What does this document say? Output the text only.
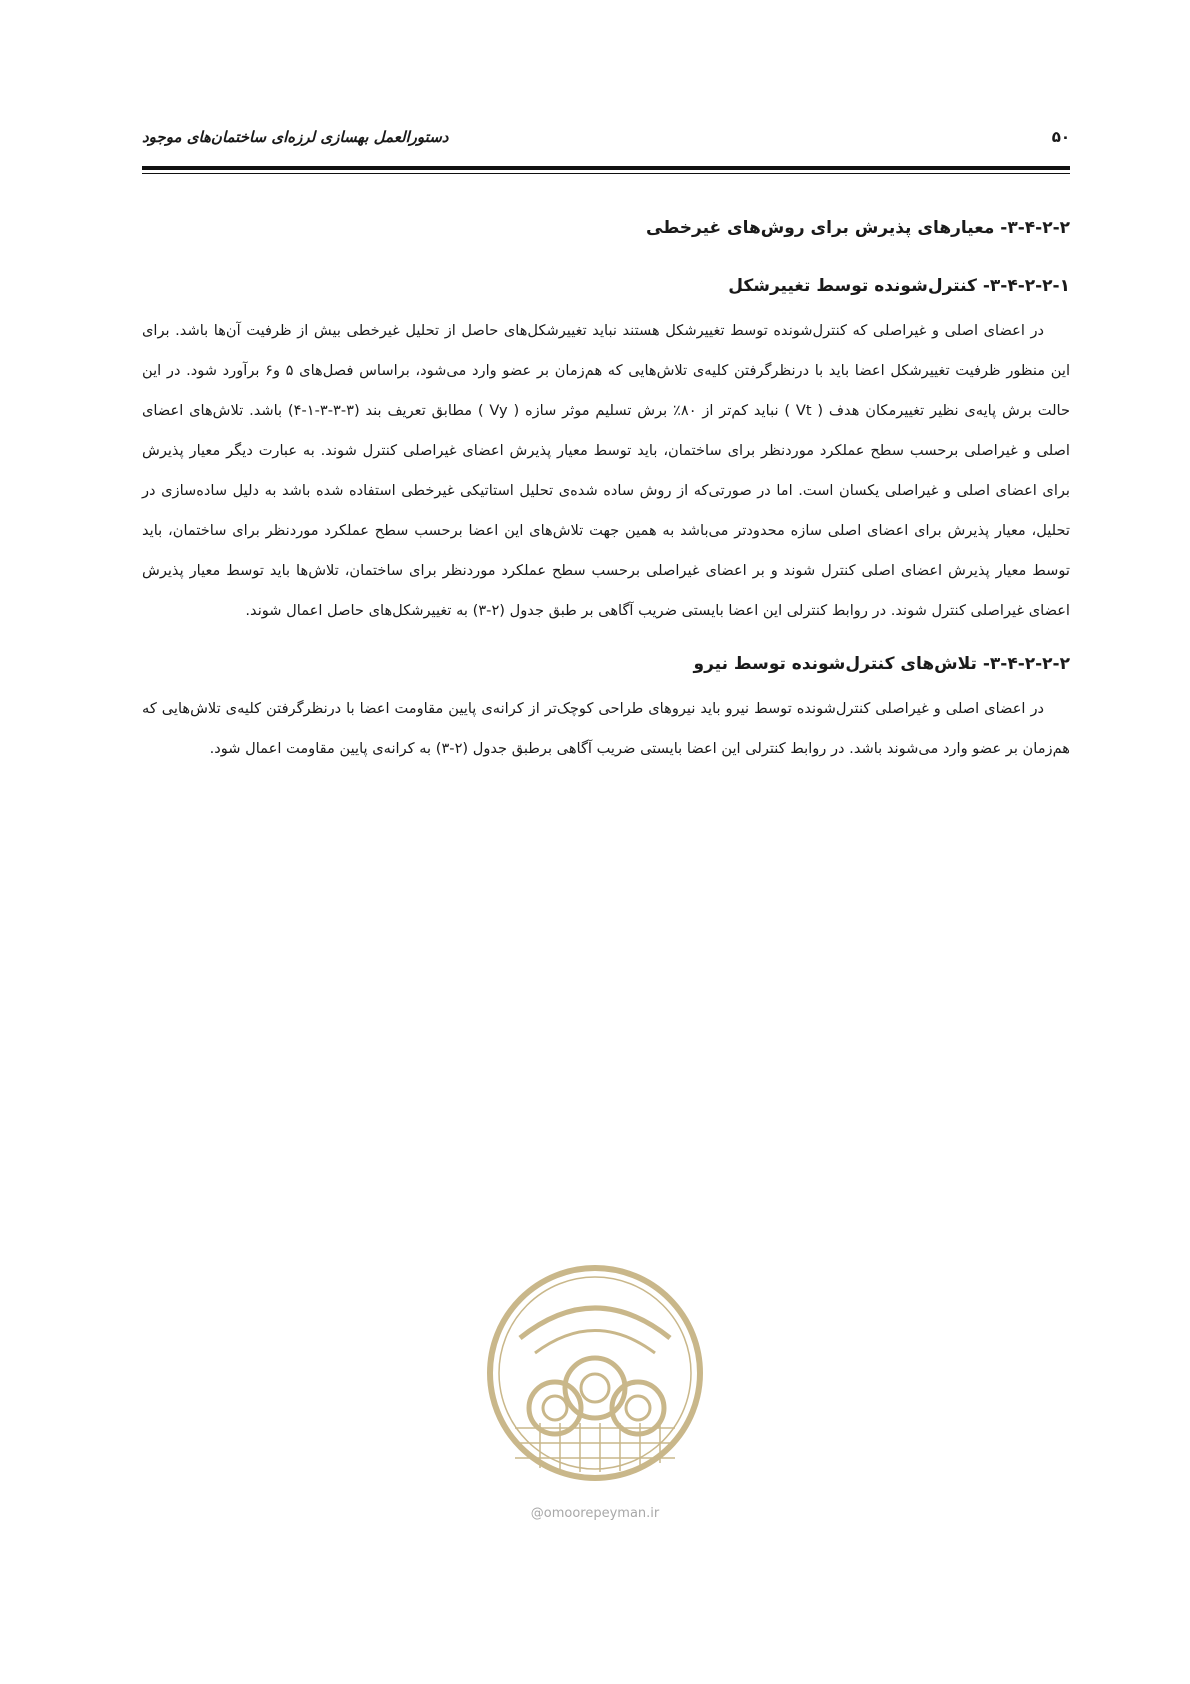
دستورالعمل بهسازی لرزه‌ای ساختمان‌های موجود	۵۰
۳-۴-۲-۲- معیارهای پذیرش برای روش‌های غیرخطی
۳-۴-۲-۲-۱- کنترل‌شونده توسط تغییرشکل

در اعضای اصلی و غیراصلی که کنترل‌شونده توسط تغییرشکل هستند نباید تغییرشکل‌های حاصل از تحلیل غیرخطی بیش از ظرفیت آن‌ها باشد. برای این منظور ظرفیت تغییرشکل اعضا باید با درنظرگرفتن کلیه‌ی تلاش‌هایی که هم‌زمان بر عضو وارد می‌شود، براساس فصل‌های ۵ و۶ برآورد شود. در این حالت برش پایه‌ی نظیر تغییرمکان هدف ( Vt ) نباید کم‌تر از ۸۰٪ برش تسلیم موثر سازه ( Vy ) مطابق تعریف بند (۳-۳-۳-۱-۴) باشد. تلاش‌های اعضای اصلی و غیراصلی برحسب سطح عملکرد موردنظر برای ساختمان، باید توسط معیار پذیرش اعضای غیراصلی کنترل شوند. به عبارت دیگر معیار پذیرش برای اعضای اصلی و غیراصلی یکسان است. اما در صورتی‌که از روش ساده شده‌ی تحلیل استاتیکی غیرخطی استفاده شده باشد به دلیل ساده‌سازی در تحلیل، معیار پذیرش برای اعضای اصلی سازه محدودتر می‌باشد به همین جهت تلاش‌های این اعضا برحسب سطح عملکرد موردنظر برای ساختمان، باید توسط معیار پذیرش اعضای اصلی کنترل شوند و بر اعضای غیراصلی برحسب سطح عملکرد موردنظر برای ساختمان، تلاش‌ها باید توسط معیار پذیرش اعضای غیراصلی کنترل شوند. در روابط کنترلی این اعضا بایستی ضریب آگاهی بر طبق جدول (۲-۳) به تغییرشکل‌های حاصل اعمال شوند.

۳-۴-۲-۲-۲- تلاش‌های کنترل‌شونده توسط نیرو

در اعضای اصلی و غیراصلی کنترل‌شونده توسط نیرو باید نیروهای طراحی کوچک‌تر از کرانه‌ی پایین مقاومت اعضا با درنظرگرفتن کلیه‌ی تلاش‌هایی که هم‌زمان بر عضو وارد می‌شوند باشد. در روابط کنترلی این اعضا بایستی ضریب آگاهی برطبق جدول (۲-۳) به کرانه‌ی پایین مقاومت اعمال شود.

@omoorepeyman.ir
